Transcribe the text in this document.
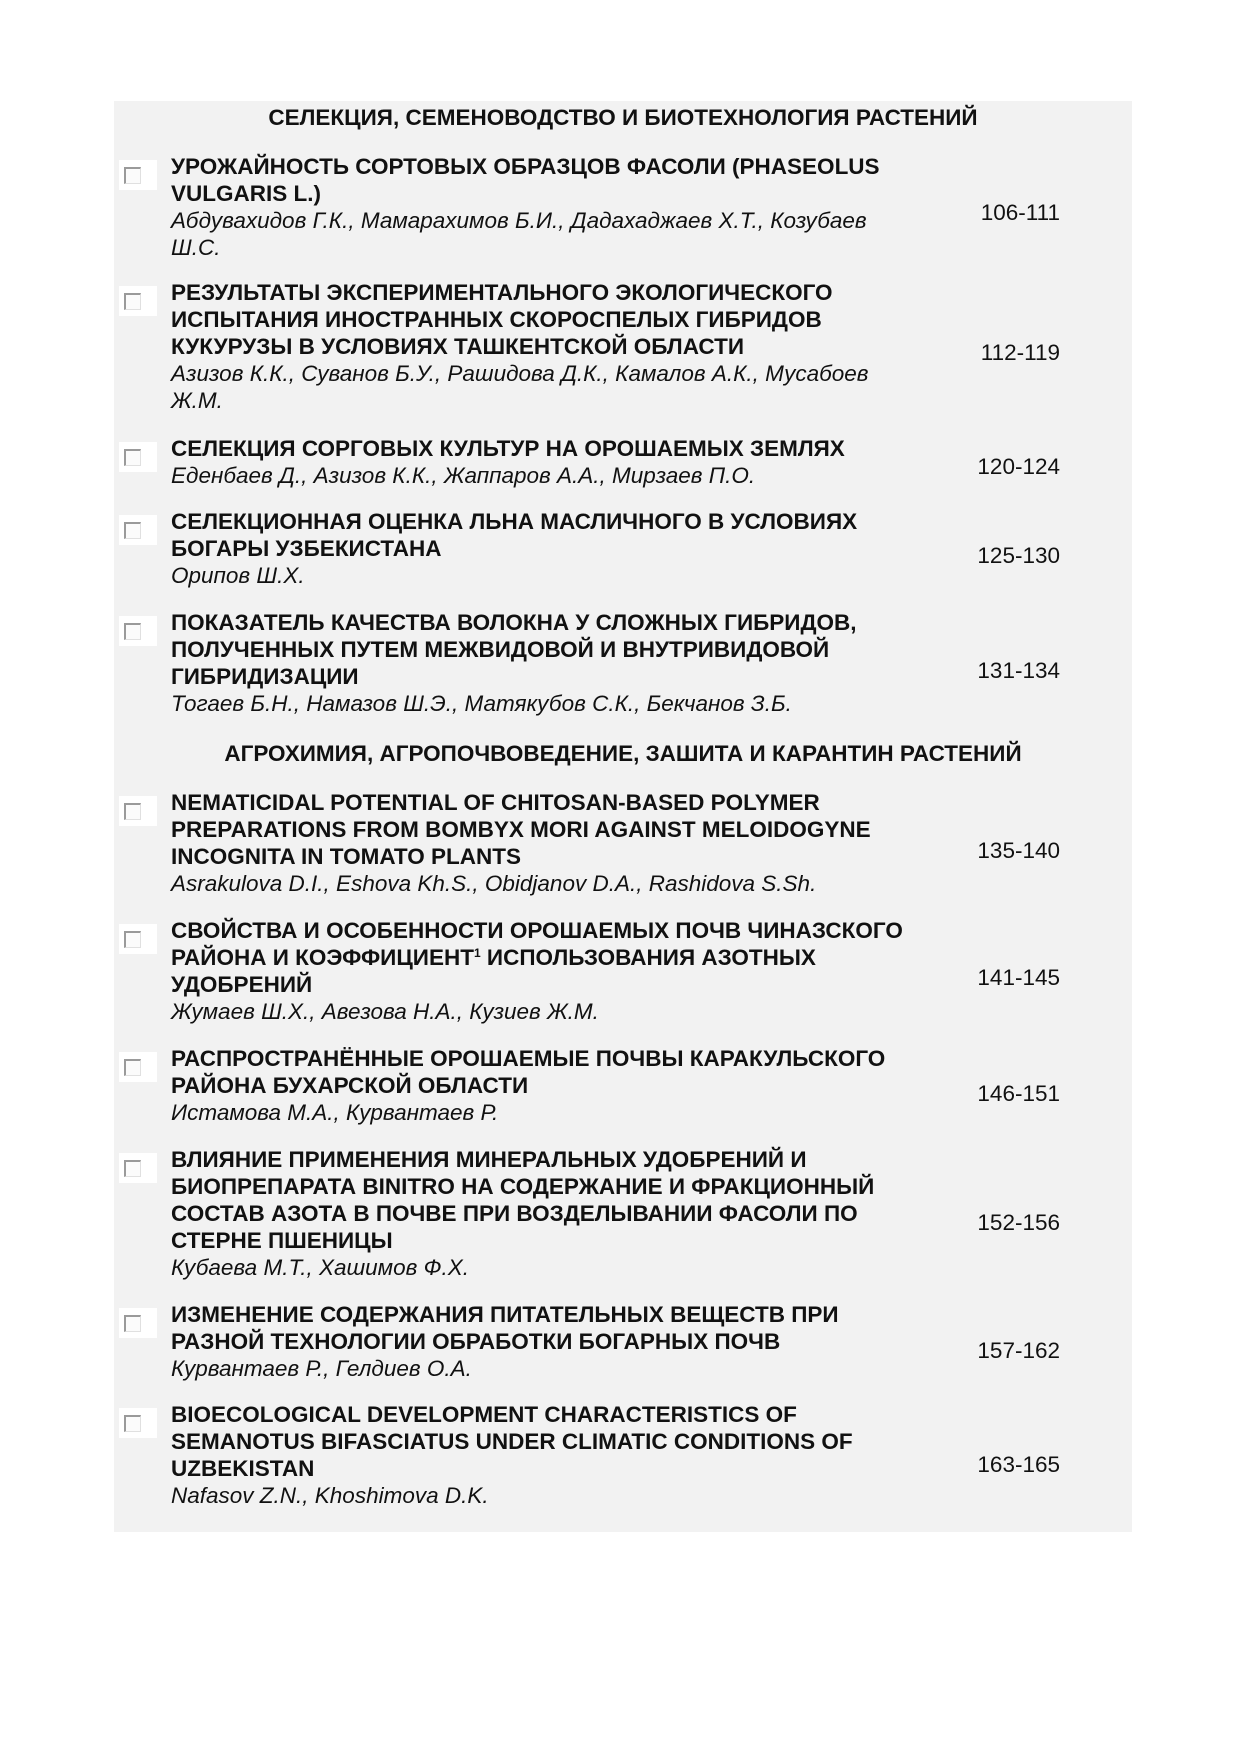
СЕЛЕКЦИЯ, СЕМЕНОВОДСТВО И БИОТЕХНОЛОГИЯ РАСТЕНИЙ
УРОЖАЙНОСТЬ СОРТОВЫХ ОБРАЗЦОВ ФАСОЛИ (PHASEOLUS VULGARIS L.)
Абдувахидов Г.К., Мамарахимов Б.И., Дадахаджаев Х.Т., Козубаев Ш.С.
106-111
РЕЗУЛЬТАТЫ ЭКСПЕРИМЕНТАЛЬНОГО ЭКОЛОГИЧЕСКОГО ИСПЫТАНИЯ ИНОСТРАННЫХ СКОРОСПЕЛЫХ ГИБРИДОВ КУКУРУЗЫ В УСЛОВИЯХ ТАШКЕНТСКОЙ ОБЛАСТИ
Азизов К.К., Суванов Б.У., Рашидова Д.К., Камалов А.К., Мусабоев Ж.М.
112-119
СЕЛЕКЦИЯ СОРГОВЫХ КУЛЬТУР НА ОРОШАЕМЫХ ЗЕМЛЯХ
Еденбаев Д., Азизов К.К., Жаппаров А.А., Мирзаев П.О.	120-124
СЕЛЕКЦИОННАЯ ОЦЕНКА ЛЬНА МАСЛИЧНОГО В УСЛОВИЯХ БОГАРЫ УЗБЕКИСТАНА
Орипов Ш.Х.
125-130
ПОКАЗАТЕЛЬ КАЧЕСТВА ВОЛОКНА У СЛОЖНЫХ ГИБРИДОВ, ПОЛУЧЕННЫХ ПУТЕМ МЕЖВИДОВОЙ И ВНУТРИВИДОВОЙ ГИБРИДИЗАЦИИ
Тогаев Б.Н., Намазов Ш.Э., Матякубов С.К., Бекчанов З.Б.
131-134
АГРОХИМИЯ, АГРОПОЧВОВЕДЕНИЕ, ЗАШИТА И КАРАНТИН РАСТЕНИЙ
NEMATICIDAL POTENTIAL OF CHITOSAN-BASED POLYMER PREPARATIONS FROM BOMBYX MORI AGAINST MELOIDOGYNE INCOGNITA IN TOMATO PLANTS
Asrakulova D.I., Eshova Kh.S., Obidjanov D.A., Rashidova S.Sh.
135-140
СВОЙСТВА И ОСОБЕННОСТИ ОРОШАЕМЫХ ПОЧВ ЧИНАЗСКОГО РАЙОНА И КОЭФФИЦИЕНТ$^1$ ИСПОЛЬЗОВАНИЯ АЗОТНЫХ УДОБРЕНИЙ
Жумаев Ш.Х., Авезова Н.А., Кузиев Ж.М.
141-145
РАСПРОСТРАНЁННЫЕ ОРОШАЕМЫЕ ПОЧВЫ КАРАКУЛЬСКОГО РАЙОНА БУХАРСКОЙ ОБЛАСТИ
Истамова М.А., Курвантаев Р.
146-151
ВЛИЯНИЕ ПРИМЕНЕНИЯ МИНЕРАЛЬНЫХ УДОБРЕНИЙ И БИОПРЕПАРАТА BINITRO НА СОДЕРЖАНИЕ И ФРАКЦИОННЫЙ СОСТАВ АЗОТА В ПОЧВЕ ПРИ ВОЗДЕЛЫВАНИИ ФАСОЛИ ПО СТЕРНЕ ПШЕНИЦЫ
Кубаева М.Т., Хашимов Ф.Х.
152-156
ИЗМЕНЕНИЕ СОДЕРЖАНИЯ ПИТАТЕЛЬНЫХ ВЕЩЕСТВ ПРИ РАЗНОЙ ТЕХНОЛОГИИ ОБРАБОТКИ БОГАРНЫХ ПОЧВ
Курвантаев Р., Гелдиев О.А.
157-162
BIOECOLOGICAL DEVELOPMENT CHARACTERISTICS OF SEMANOTUS BIFASCIATUS UNDER CLIMATIC CONDITIONS OF UZBEKISTAN
Nafasov Z.N., Khoshimova D.K.
163-165
